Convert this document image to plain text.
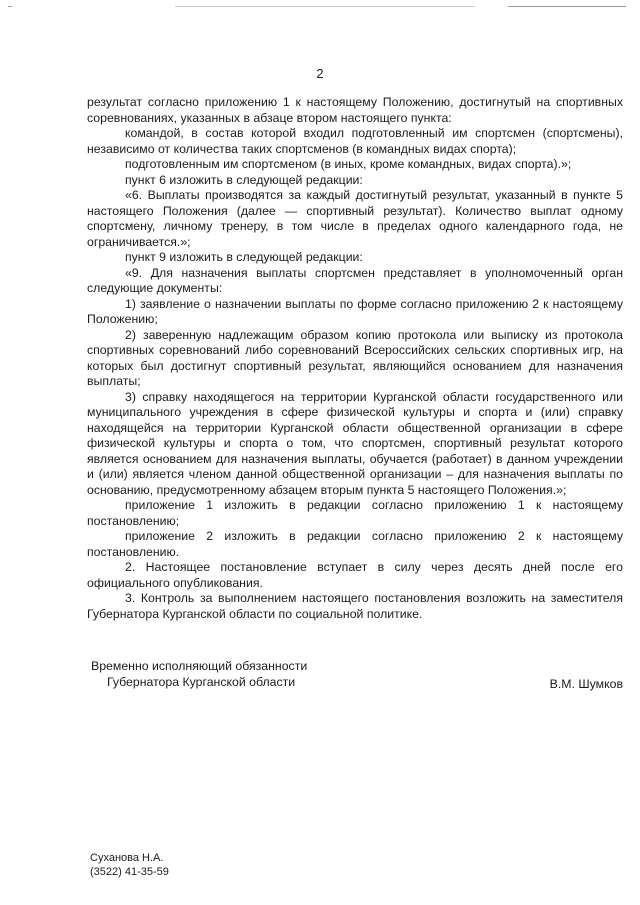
2

результат согласно приложению 1 к настоящему Положению, достигнутый на спортивных соревнованиях, указанных в абзаце втором настоящего пункта:

командой, в состав которой входил подготовленный им спортсмен (спортсмены), независимо от количества таких спортсменов (в командных видах спорта);

подготовленным им спортсменом (в иных, кроме командных, видах спорта).»;

пункт 6 изложить в следующей редакции:

«6. Выплаты производятся за каждый достигнутый результат, указанный в пункте 5 настоящего Положения (далее — спортивный результат). Количество выплат одному спортсмену, личному тренеру, в том числе в пределах одного календарного года, не ограничивается.»;

пункт 9 изложить в следующей редакции:

«9. Для назначения выплаты спортсмен представляет в уполномоченный орган следующие документы:

1) заявление о назначении выплаты по форме согласно приложению 2 к настоящему Положению;

2) заверенную надлежащим образом копию протокола или выписку из протокола спортивных соревнований либо соревнований Всероссийских сельских спортивных игр, на которых был достигнут спортивный результат, являющийся основанием для назначения выплаты;

3) справку находящегося на территории Курганской области государственного или муниципального учреждения в сфере физической культуры и спорта и (или) справку находящейся на территории Курганской области общественной организации в сфере физической культуры и спорта о том, что спортсмен, спортивный результат которого является основанием для назначения выплаты, обучается (работает) в данном учреждении и (или) является членом данной общественной организации – для назначения выплаты по основанию, предусмотренному абзацем вторым пункта 5 настоящего Положения.»;

приложение 1 изложить в редакции согласно приложению 1 к настоящему постановлению;

приложение 2 изложить в редакции согласно приложению 2 к настоящему постановлению.

2. Настоящее постановление вступает в силу через десять дней после его официального опубликования.

3. Контроль за выполнением настоящего постановления возложить на заместителя Губернатора Курганской области по социальной политике.

Временно исполняющий обязанности
Губернатора Курганской области	В.М. Шумков
Суханова Н.А.
(3522) 41-35-59
